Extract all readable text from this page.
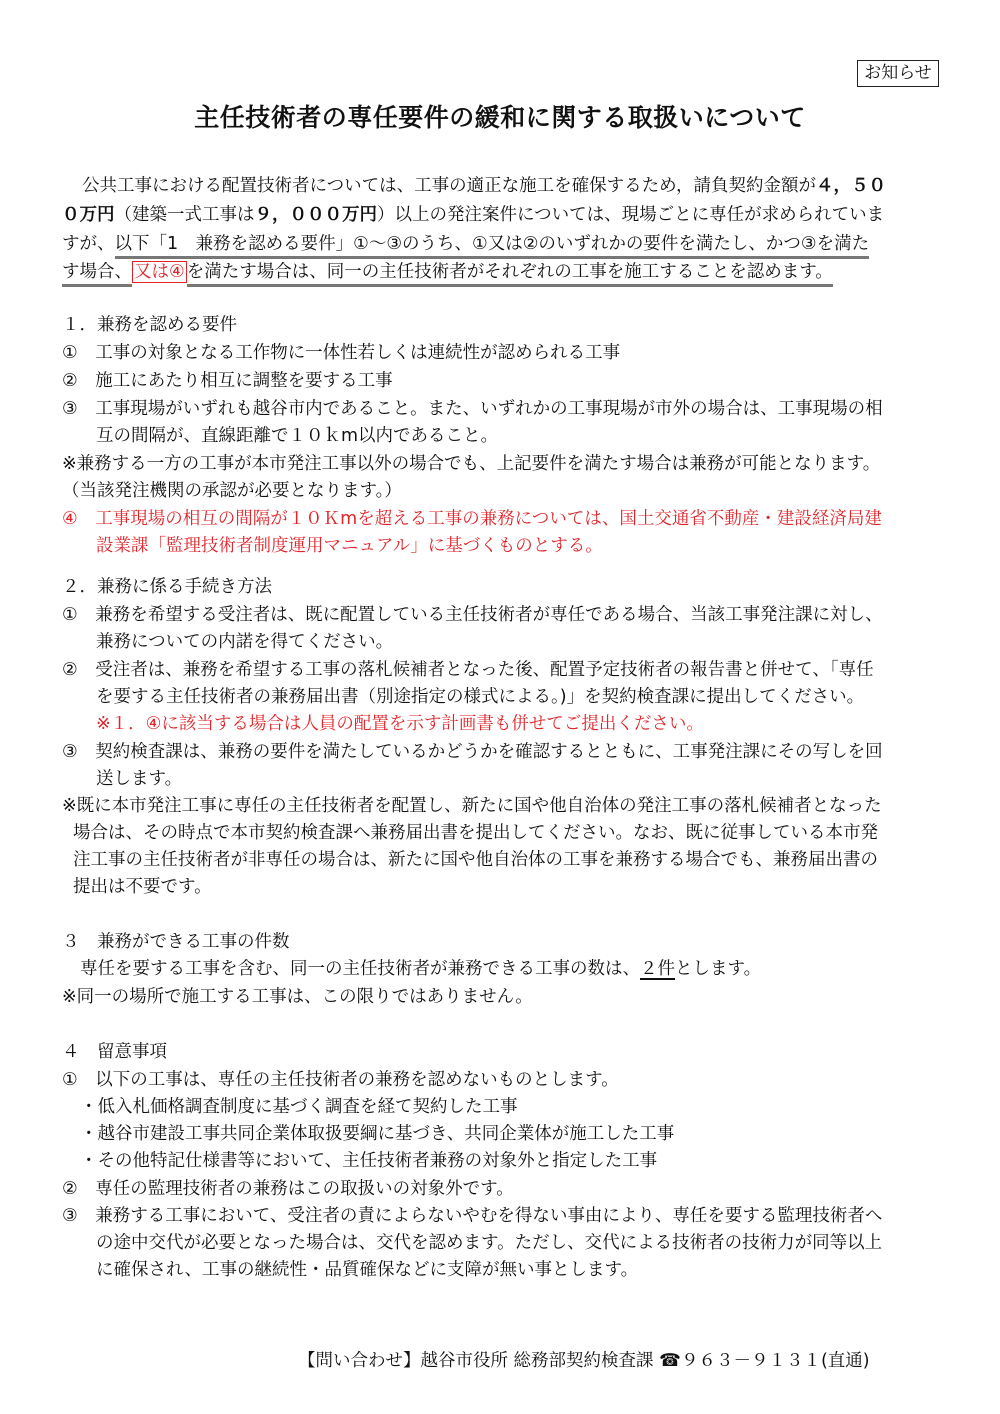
お知らせ
主任技術者の専任要件の緩和に関する取扱いについて
公共工事における配置技術者については、工事の適正な施工を確保するため，請負契約金額が４，５０
０万円（建築一式工事は９，０００万円）以上の発注案件については、現場ごとに専任が求められていま
すが、以下「1　兼務を認める要件」①～③のうち、①又は②のいずれかの要件を満たし、かつ③を満た
す場合、 又は④ を満たす場合は、同一の主任技術者がそれぞれの工事を施工することを認めます。
１．兼務を認める要件
①　工事の対象となる工作物に一体性若しくは連続性が認められる工事
②　施工にあたり相互に調整を要する工事
③　工事現場がいずれも越谷市内であること。また、いずれかの工事現場が市外の場合は、工事現場の相
互の間隔が、直線距離で１０ｋm以内であること。
※兼務する一方の工事が本市発注工事以外の場合でも、上記要件を満たす場合は兼務が可能となります。
（当該発注機関の承認が必要となります。）
④　工事現場の相互の間隔が１０Ｋmを超える工事の兼務については、国土交通省不動産・建設経済局建
設業課「監理技術者制度運用マニュアル」に基づくものとする。
２．兼務に係る手続き方法
①　兼務を希望する受注者は、既に配置している主任技術者が専任である場合、当該工事発注課に対し、
兼務についての内諾を得てください。
②　受注者は、兼務を希望する工事の落札候補者となった後、配置予定技術者の報告書と併せて、「専任
を要する主任技術者の兼務届出書（別途指定の様式による。)」を契約検査課に提出してください。
※１．④に該当する場合は人員の配置を示す計画書も併せてご提出ください。
③　契約検査課は、兼務の要件を満たしているかどうかを確認するとともに、工事発注課にその写しを回
送します。
※既に本市発注工事に専任の主任技術者を配置し、新たに国や他自治体の発注工事の落札候補者となった
場合は、その時点で本市契約検査課へ兼務届出書を提出してください。なお、既に従事している本市発
注工事の主任技術者が非専任の場合は、新たに国や他自治体の工事を兼務する場合でも、兼務届出書の
提出は不要です。
３　兼務ができる工事の件数
専任を要する工事を含む、同一の主任技術者が兼務できる工事の数は、２件とします。
※同一の場所で施工する工事は、この限りではありません。
４　留意事項
①　以下の工事は、専任の主任技術者の兼務を認めないものとします。
・低入札価格調査制度に基づく調査を経て契約した工事
・越谷市建設工事共同企業体取扱要綱に基づき、共同企業体が施工した工事
・その他特記仕様書等において、主任技術者兼務の対象外と指定した工事
②　専任の監理技術者の兼務はこの取扱いの対象外です。
③　兼務する工事において、受注者の責によらないやむを得ない事由により、専任を要する監理技術者へ
の途中交代が必要となった場合は、交代を認めます。ただし、交代による技術者の技術力が同等以上
に確保され、工事の継続性・品質確保などに支障が無い事とします。
【問い合わせ】越谷市役所 総務部契約検査課 ☎９６３－９１３１(直通)
